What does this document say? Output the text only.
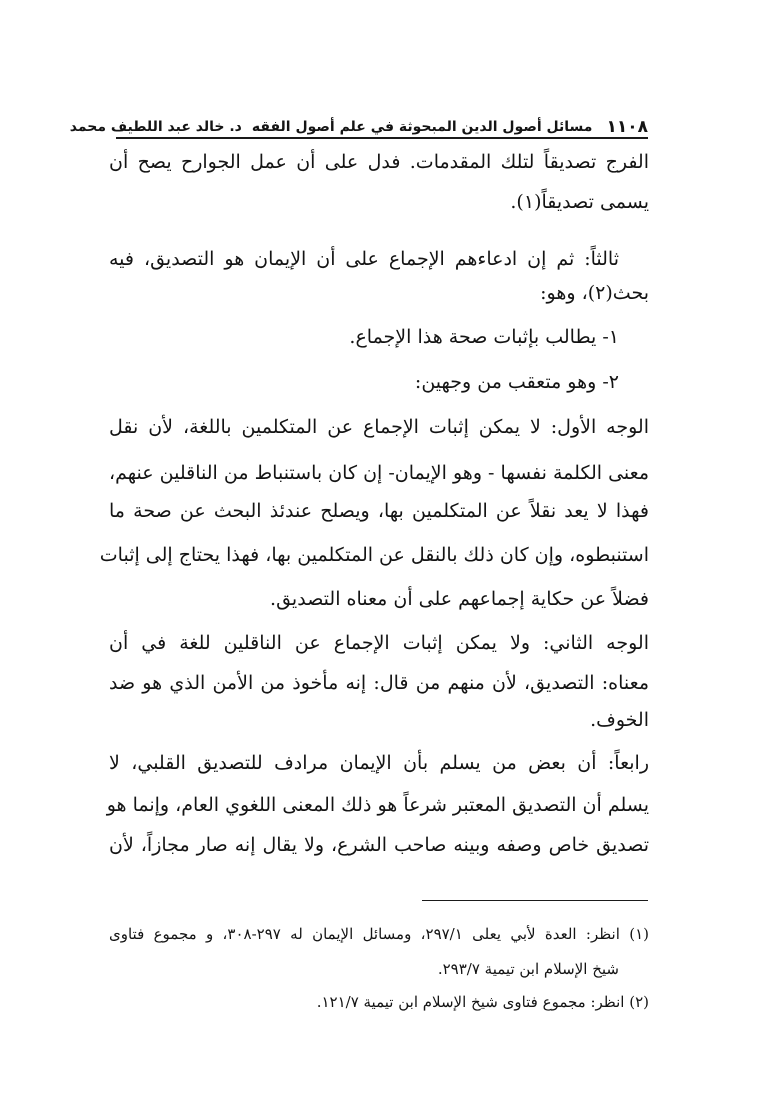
١١٠٨
مسائل أصول الدين المبحوثة في علم أصول الفقه
د. خالد عبد اللطيف محمد
الفرج تصديقاً لتلك المقدمات. فدل على أن عمل الجوارح يصح أن
يسمى تصديقاً(١).
ثالثاً: ثم إن ادعاءهم الإجماع على أن الإيمان هو التصديق، فيه
بحث(٢)، وهو:
١- يطالب بإثبات صحة هذا الإجماع.
٢- وهو متعقب من وجهين:
الوجه الأول: لا يمكن إثبات الإجماع عن المتكلمين باللغة، لأن نقل
معنى الكلمة نفسها - وهو الإيمان- إن كان باستنباط من الناقلين عنهم،
فهذا لا يعد نقلاً عن المتكلمين بها، ويصلح عندئذ البحث عن صحة ما
استنبطوه، وإن كان ذلك بالنقل عن المتكلمين بها، فهذا يحتاج إلى إثبات
فضلاً عن حكاية إجماعهم على أن معناه التصديق.
الوجه الثاني: ولا يمكن إثبات الإجماع عن الناقلين للغة في أن
معناه: التصديق، لأن منهم من قال: إنه مأخوذ من الأمن الذي هو ضد
الخوف.
رابعاً: أن بعض من يسلم بأن الإيمان مرادف للتصديق القلبي، لا
يسلم أن التصديق المعتبر شرعاً هو ذلك المعنى اللغوي العام، وإنما هو
تصديق خاص وصفه وبينه صاحب الشرع، ولا يقال إنه صار مجازاً، لأن
(١) انظر: العدة لأبي يعلى ٢٩٧/١، ومسائل الإيمان له ٢٩٧-٣٠٨، و مجموع فتاوى
شيخ الإسلام ابن تيمية ٢٩٣/٧.
(٢) انظر: مجموع فتاوى شيخ الإسلام ابن تيمية ١٢١/٧.
